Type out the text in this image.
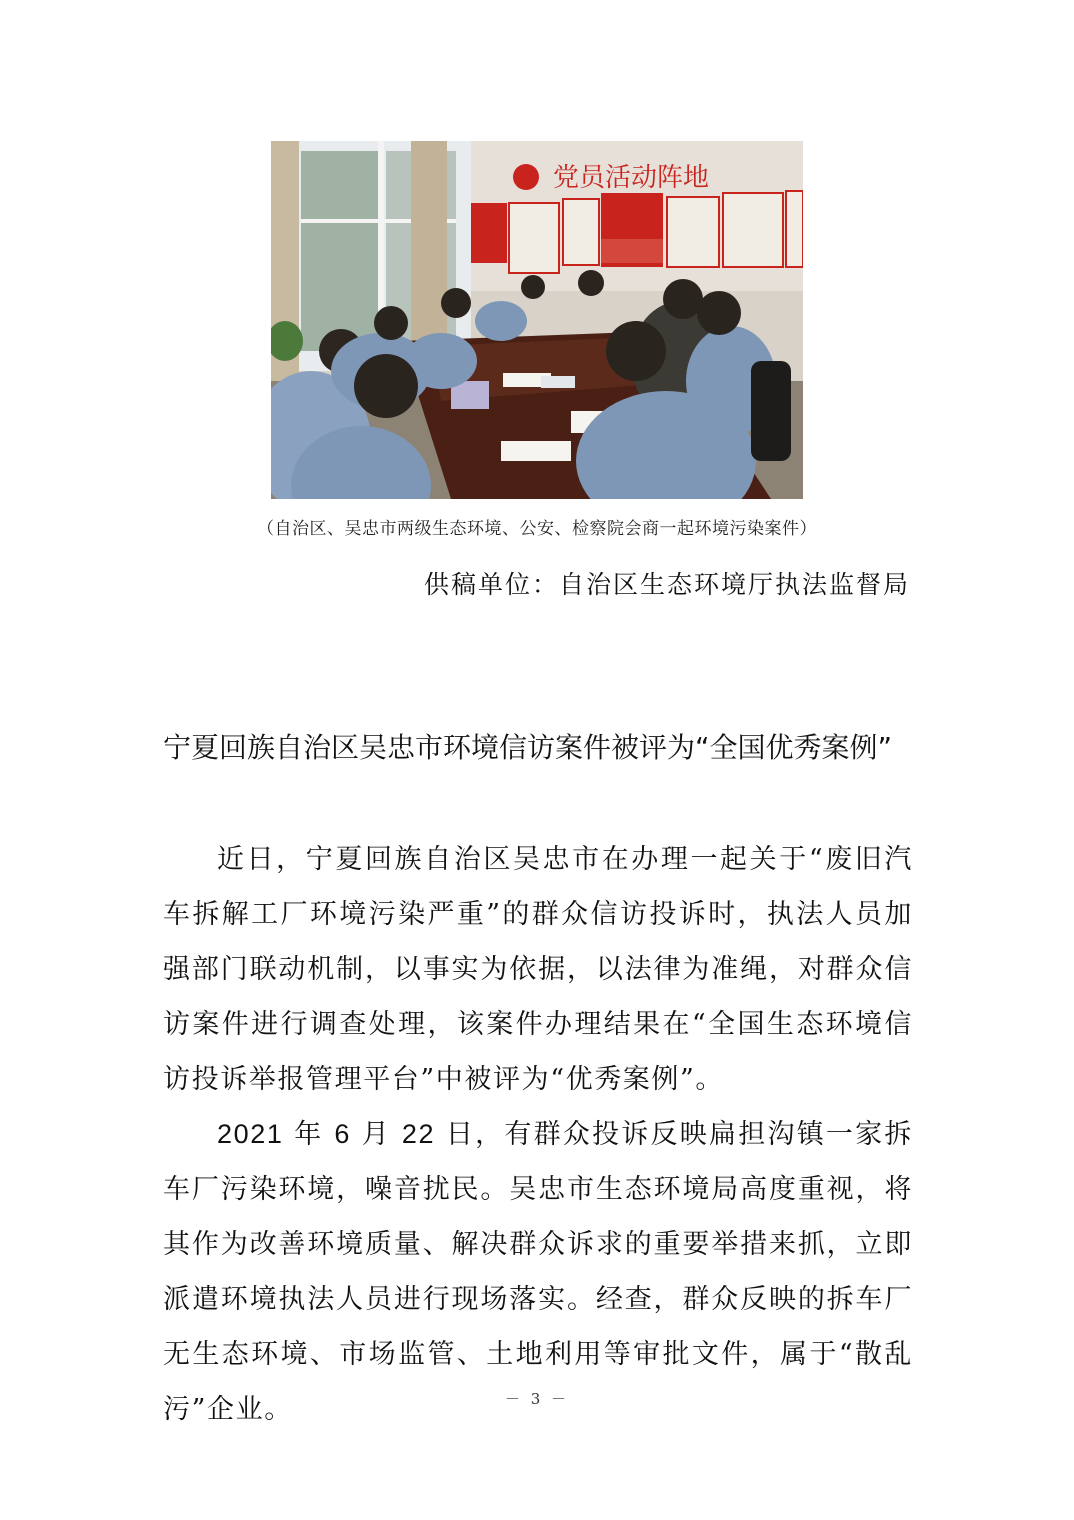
党员活动阵地
（自治区、吴忠市两级生态环境、公安、检察院会商一起环境污染案件）
供稿单位：自治区生态环境厅执法监督局
宁夏回族自治区吴忠市环境信访案件被评为“全国优秀案例”

近日，宁夏回族自治区吴忠市在办理一起关于“废旧汽车拆解工厂环境污染严重”的群众信访投诉时，执法人员加强部门联动机制，以事实为依据，以法律为准绳，对群众信访案件进行调查处理，该案件办理结果在“全国生态环境信访投诉举报管理平台”中被评为“优秀案例”。

2021 年 6 月 22 日，有群众投诉反映扁担沟镇一家拆车厂污染环境，噪音扰民。吴忠市生态环境局高度重视，将其作为改善环境质量、解决群众诉求的重要举措来抓，立即派遣环境执法人员进行现场落实。经查，群众反映的拆车厂无生态环境、市场监管、土地利用等审批文件，属于“散乱污”企业。	－ 3 －
